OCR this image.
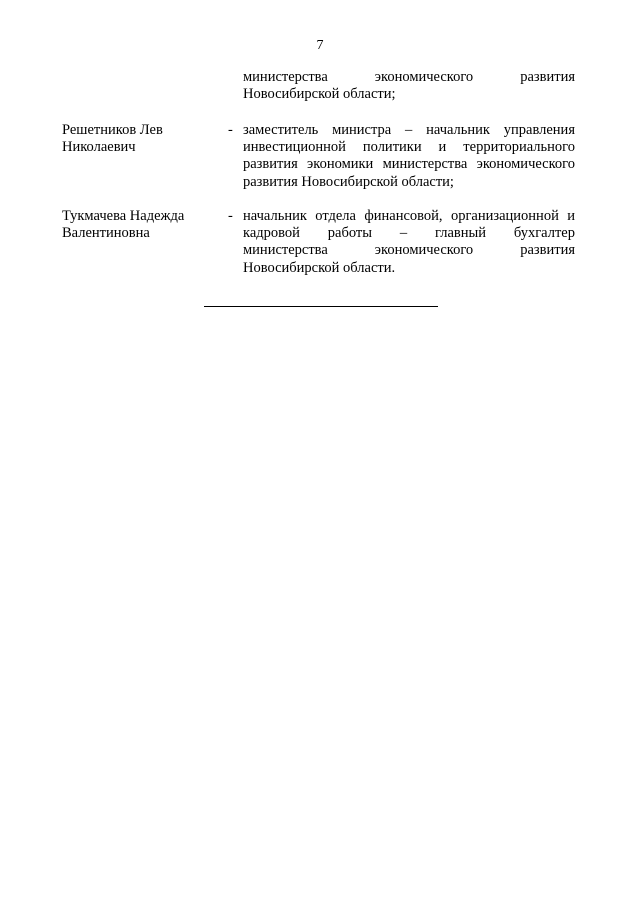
7
министерства экономического развития
Новосибирской области;
Решетников Лев
Николаевич
- заместитель министра – начальник управления
инвестиционной политики и территориального
развития экономики министерства экономического
развития Новосибирской области;
Тукмачева Надежда
Валентиновна
- начальник отдела финансовой, организационной и
кадровой работы – главный бухгалтер
министерства экономического развития
Новосибирской области.
